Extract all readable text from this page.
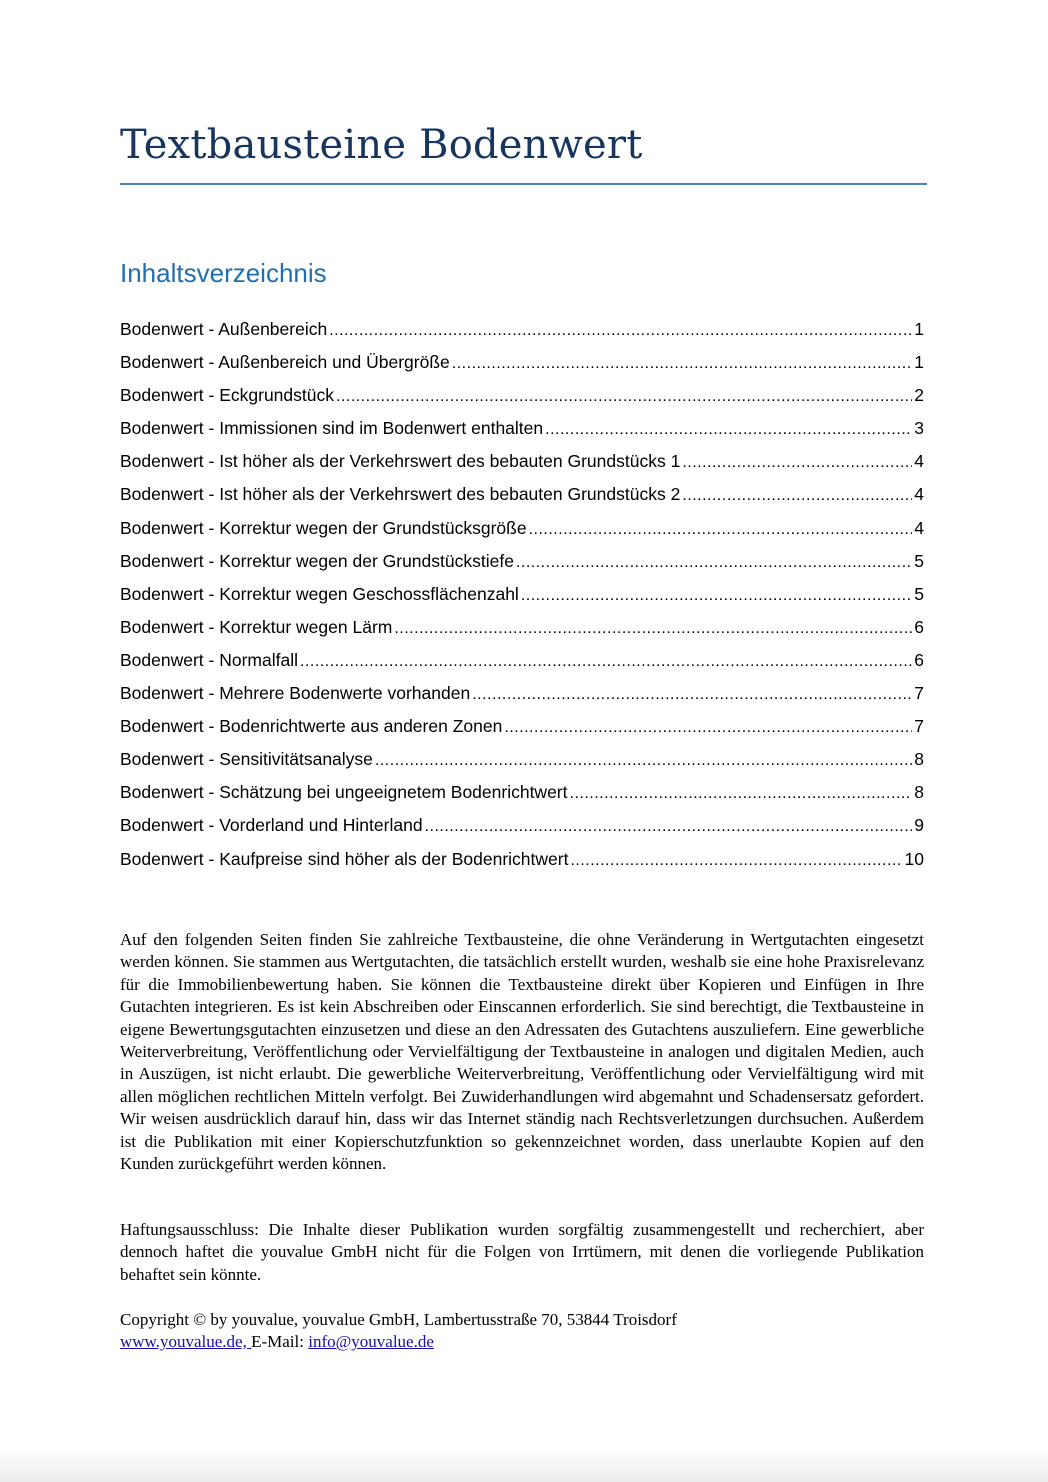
Textbausteine Bodenwert
Inhaltsverzeichnis
Bodenwert - Außenbereich .....	1
Bodenwert - Außenbereich und Übergröße .....	1
Bodenwert - Eckgrundstück .....	2
Bodenwert - Immissionen sind im Bodenwert enthalten .....	3
Bodenwert - Ist höher als der Verkehrswert des bebauten Grundstücks 1 .....	4
Bodenwert - Ist höher als der Verkehrswert des bebauten Grundstücks 2 .....	4
Bodenwert - Korrektur wegen der Grundstücksgröße .....	4
Bodenwert - Korrektur wegen der Grundstückstiefe .....	5
Bodenwert - Korrektur wegen Geschossflächenzahl .....	5
Bodenwert - Korrektur wegen Lärm .....	6
Bodenwert - Normalfall .....	6
Bodenwert - Mehrere Bodenwerte vorhanden .....	7
Bodenwert - Bodenrichtwerte aus anderen Zonen .....	7
Bodenwert - Sensitivitätsanalyse .....	8
Bodenwert - Schätzung bei ungeeignetem Bodenrichtwert .....	8
Bodenwert - Vorderland und Hinterland .....	9
Bodenwert - Kaufpreise sind höher als der Bodenrichtwert .....	10

Auf den folgenden Seiten finden Sie zahlreiche Textbausteine, die ohne Veränderung in Wertgutachten eingesetzt werden können. Sie stammen aus Wertgutachten, die tatsächlich erstellt wurden, weshalb sie eine hohe Praxisrelevanz für die Immobilienbewertung haben. Sie können die Textbausteine direkt über Kopieren und Einfügen in Ihre Gutachten integrieren. Es ist kein Abschreiben oder Einscannen erforderlich. Sie sind berechtigt, die Textbausteine in eigene Bewertungsgutachten einzusetzen und diese an den Adressaten des Gutachtens auszuliefern. Eine gewerbliche Weiterverbreitung, Veröffentlichung oder Vervielfältigung der Textbausteine in analogen und digitalen Medien, auch in Auszügen, ist nicht erlaubt. Die gewerbliche Weiterverbreitung, Veröffentlichung oder Vervielfältigung wird mit allen möglichen rechtlichen Mitteln verfolgt. Bei Zuwiderhandlungen wird abgemahnt und Schadensersatz gefordert. Wir weisen ausdrücklich darauf hin, dass wir das Internet ständig nach Rechtsverletzungen durchsuchen. Außerdem ist die Publikation mit einer Kopierschutzfunktion so gekennzeichnet worden, dass unerlaubte Kopien auf den Kunden zurückgeführt werden können.

Haftungsausschluss: Die Inhalte dieser Publikation wurden sorgfältig zusammengestellt und recherchiert, aber dennoch haftet die youvalue GmbH nicht für die Folgen von Irrtümern, mit denen die vorliegende Publikation behaftet sein könnte.

Copyright © by youvalue, youvalue GmbH, Lambertusstraße 70, 53844 Troisdorf
www.youvalue.de, E-Mail: info@youvalue.de
